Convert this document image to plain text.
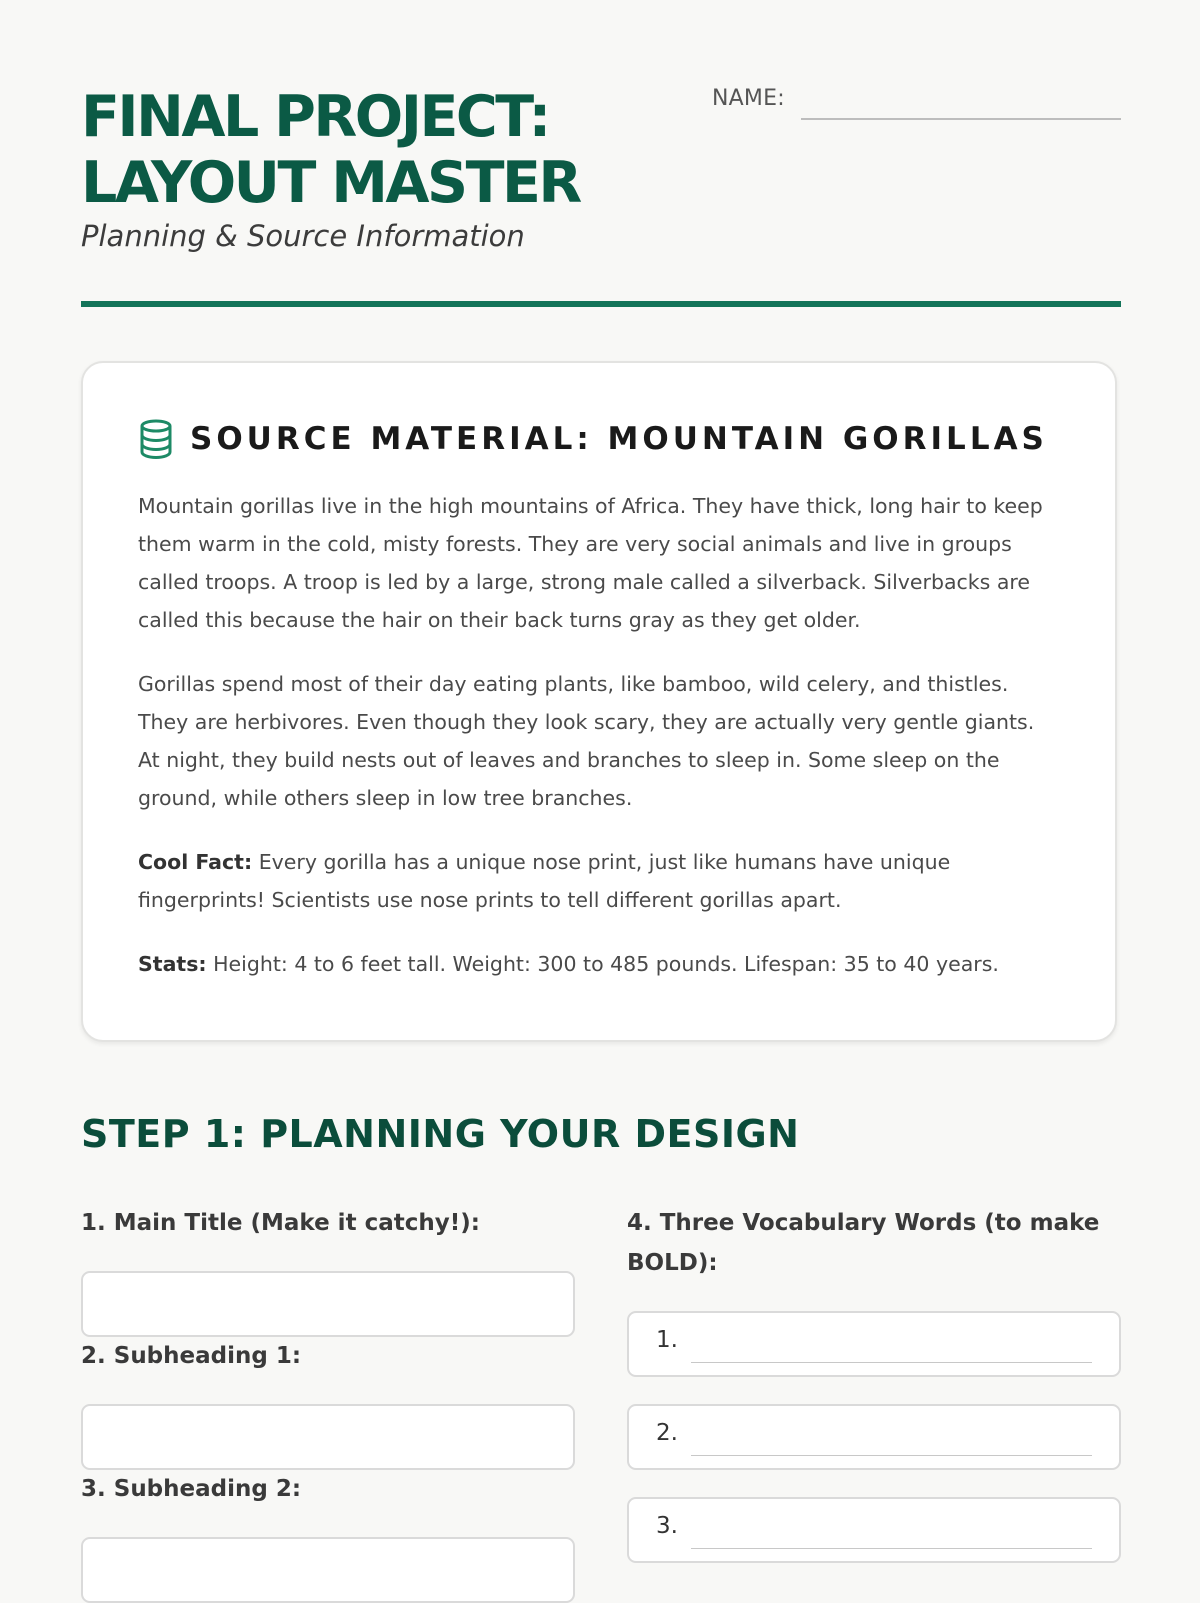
FINAL PROJECT:
LAYOUT MASTER
Planning & Source Information
NAME:
SOURCE MATERIAL: MOUNTAIN GORILLAS

Mountain gorillas live in the high mountains of Africa. They have thick, long hair to keep them warm in the cold, misty forests. They are very social animals and live in groups called troops. A troop is led by a large, strong male called a silverback. Silverbacks are called this because the hair on their back turns gray as they get older.

Gorillas spend most of their day eating plants, like bamboo, wild celery, and thistles. They are herbivores. Even though they look scary, they are actually very gentle giants. At night, they build nests out of leaves and branches to sleep in. Some sleep on the ground, while others sleep in low tree branches.

Cool Fact: Every gorilla has a unique nose print, just like humans have unique fingerprints! Scientists use nose prints to tell different gorillas apart.

Stats: Height: 4 to 6 feet tall. Weight: 300 to 485 pounds. Lifespan: 35 to 40 years.

STEP 1: PLANNING YOUR DESIGN
1. Main Title (Make it catchy!):
2. Subheading 1:
3. Subheading 2:
4. Three Vocabulary Words (to make BOLD):
1.
2.
3.
